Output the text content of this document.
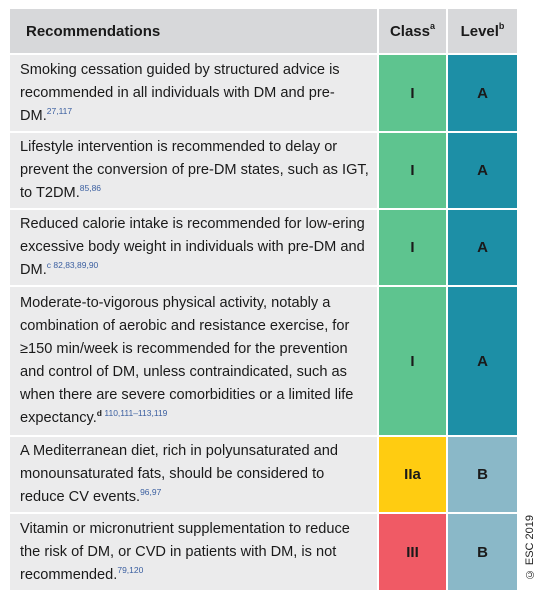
Recommendations	Class$^a$	Level$^b$
Smoking cessation guided by structured advice is recommended in all individuals with DM and pre-DM.$^{27,117}$	I	A
Lifestyle intervention is recommended to delay or prevent the conversion of pre-DM states, such as IGT, to T2DM.$^{85,86}$	I	A
Reduced calorie intake is recommended for low-ering excessive body weight in individuals with pre-DM and DM.$^{c 82,83,89,90}$	I	A
Moderate-to-vigorous physical activity, notably a combination of aerobic and resistance exercise, for ≥150 min/week is recommended for the prevention and control of DM, unless contraindicated, such as when there are severe comorbidities or a limited life expectancy.$^{d 110,111-113,119}$	I	A
A Mediterranean diet, rich in polyunsaturated and monounsaturated fats, should be considered to reduce CV events.$^{96,97}$	IIa	B
Vitamin or micronutrient supplementation to reduce the risk of DM, or CVD in patients with DM, is not recommended.$^{79,120}$	III	B	© ESC 2019
